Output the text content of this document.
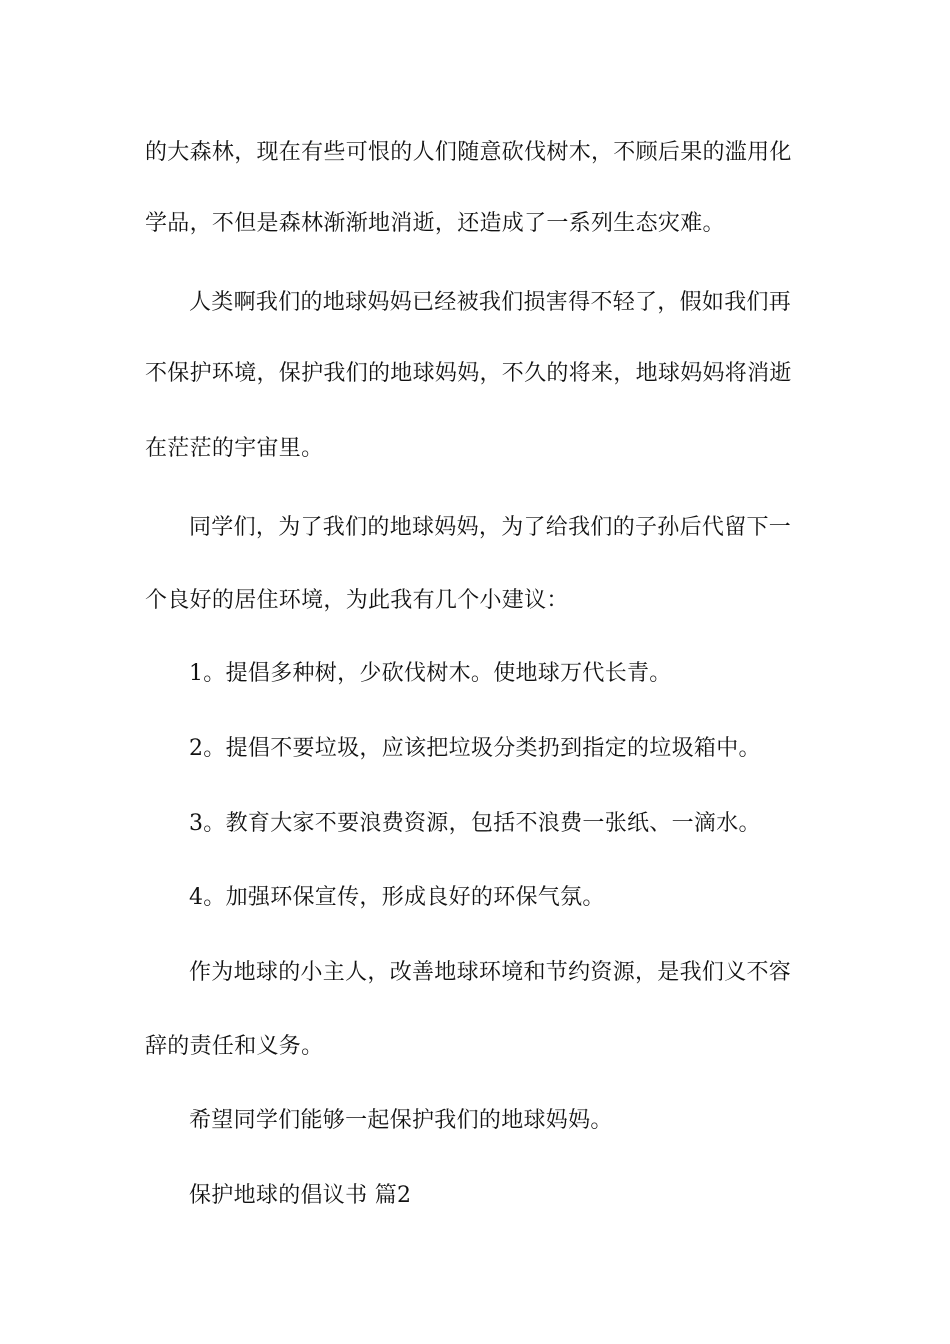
的大森林，现在有些可恨的人们随意砍伐树木，不顾后果的滥用化
学品，不但是森林渐渐地消逝，还造成了一系列生态灾难。
人类啊我们的地球妈妈已经被我们损害得不轻了，假如我们再
不保护环境，保护我们的地球妈妈，不久的将来，地球妈妈将消逝
在茫茫的宇宙里。
同学们，为了我们的地球妈妈，为了给我们的子孙后代留下一
个良好的居住环境，为此我有几个小建议：
1。提倡多种树，少砍伐树木。使地球万代长青。
2。提倡不要垃圾，应该把垃圾分类扔到指定的垃圾箱中。
3。教育大家不要浪费资源，包括不浪费一张纸、一滴水。
4。加强环保宣传，形成良好的环保气氛。
作为地球的小主人，改善地球环境和节约资源，是我们义不容
辞的责任和义务。
希望同学们能够一起保护我们的地球妈妈。
保护地球的倡议书 篇2
